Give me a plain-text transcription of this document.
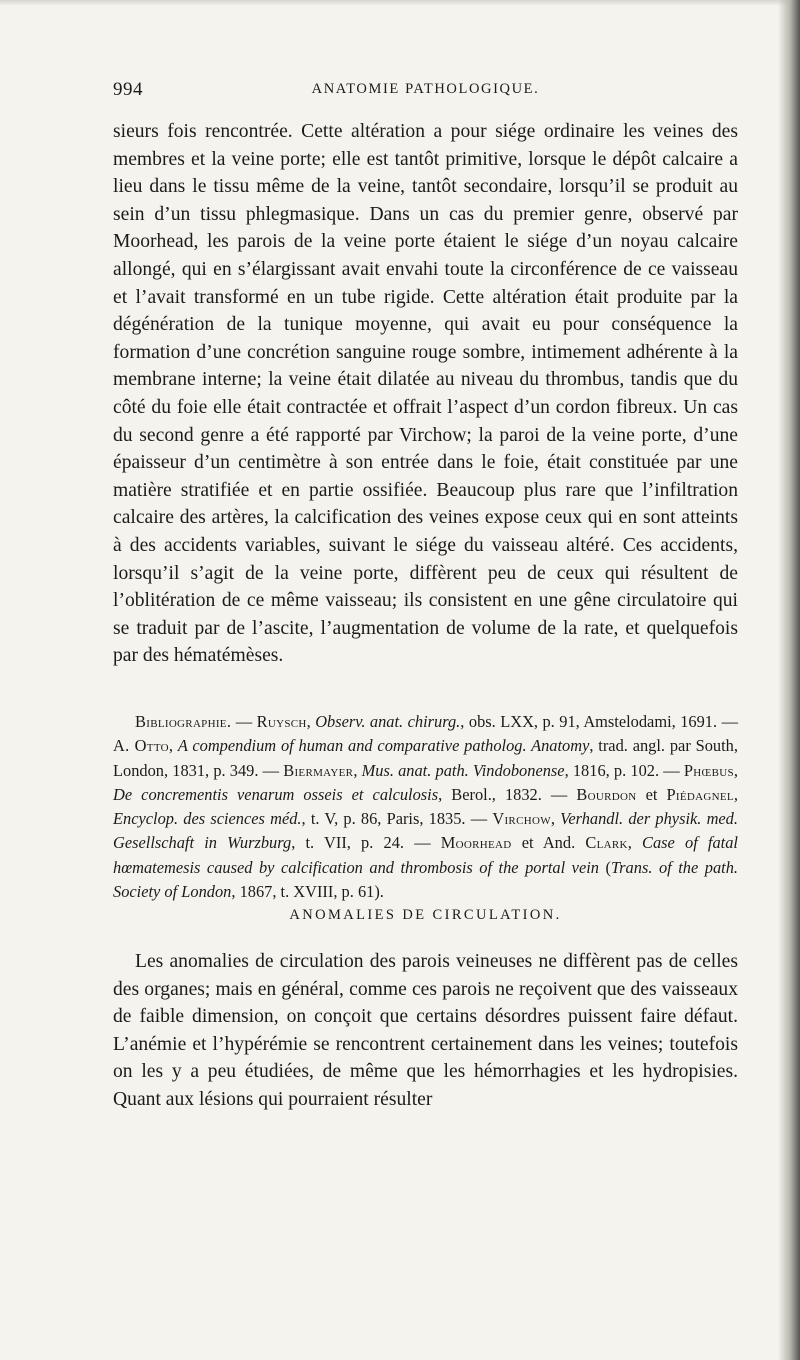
994	ANATOMIE PATHOLOGIQUE.

sieurs fois rencontrée. Cette altération a pour siége ordinaire les veines des membres et la veine porte; elle est tantôt primitive, lorsque le dépôt calcaire a lieu dans le tissu même de la veine, tantôt secondaire, lorsqu’il se produit au sein d’un tissu phlegmasique. Dans un cas du premier genre, observé par Moorhead, les parois de la veine porte étaient le siége d’un noyau calcaire allongé, qui en s’élargissant avait envahi toute la circonférence de ce vaisseau et l’avait transformé en un tube rigide. Cette altération était produite par la dégénération de la tunique moyenne, qui avait eu pour conséquence la formation d’une concrétion sanguine rouge sombre, intimement adhérente à la membrane interne; la veine était dilatée au niveau du thrombus, tandis que du côté du foie elle était contractée et offrait l’aspect d’un cordon fibreux. Un cas du second genre a été rapporté par Virchow; la paroi de la veine porte, d’une épaisseur d’un centimètre à son entrée dans le foie, était constituée par une matière stratifiée et en partie ossifiée. Beaucoup plus rare que l’infiltration calcaire des artères, la calcification des veines expose ceux qui en sont atteints à des accidents variables, suivant le siége du vaisseau altéré. Ces accidents, lorsqu’il s’agit de la veine porte, diffèrent peu de ceux qui résultent de l’oblitération de ce même vaisseau; ils consistent en une gêne circulatoire qui se traduit par de l’ascite, l’augmentation de volume de la rate, et quelquefois par des hématémèses.

Bibliographie. — Ruysch, Observ. anat. chirurg., obs. LXX, p. 91, Amstelodami, 1691. — A. Otto, A compendium of human and comparative patholog. Anatomy, trad. angl. par South, London, 1831, p. 349. — Biermayer, Mus. anat. path. Vindobonense, 1816, p. 102. — Phœbus, De concrementis venarum osseis et calculosis, Berol., 1832. — Bourdon et Piédagnel, Encyclop. des sciences méd., t. V, p. 86, Paris, 1835. — Virchow, Verhandl. der physik. med. Gesellschaft in Wurzburg, t. VII, p. 24. — Moorhead et And. Clark, Case of fatal hœmatemesis caused by calcification and thrombosis of the portal vein (Trans. of the path. Society of London, 1867, t. XVIII, p. 61).

ANOMALIES DE CIRCULATION.

Les anomalies de circulation des parois veineuses ne diffèrent pas de celles des organes; mais en général, comme ces parois ne reçoivent que des vaisseaux de faible dimension, on conçoit que certains désordres puissent faire défaut. L’anémie et l’hypérémie se rencontrent certainement dans les veines; toutefois on les y a peu étudiées, de même que les hémorrhagies et les hydropisies. Quant aux lésions qui pourraient résulter
